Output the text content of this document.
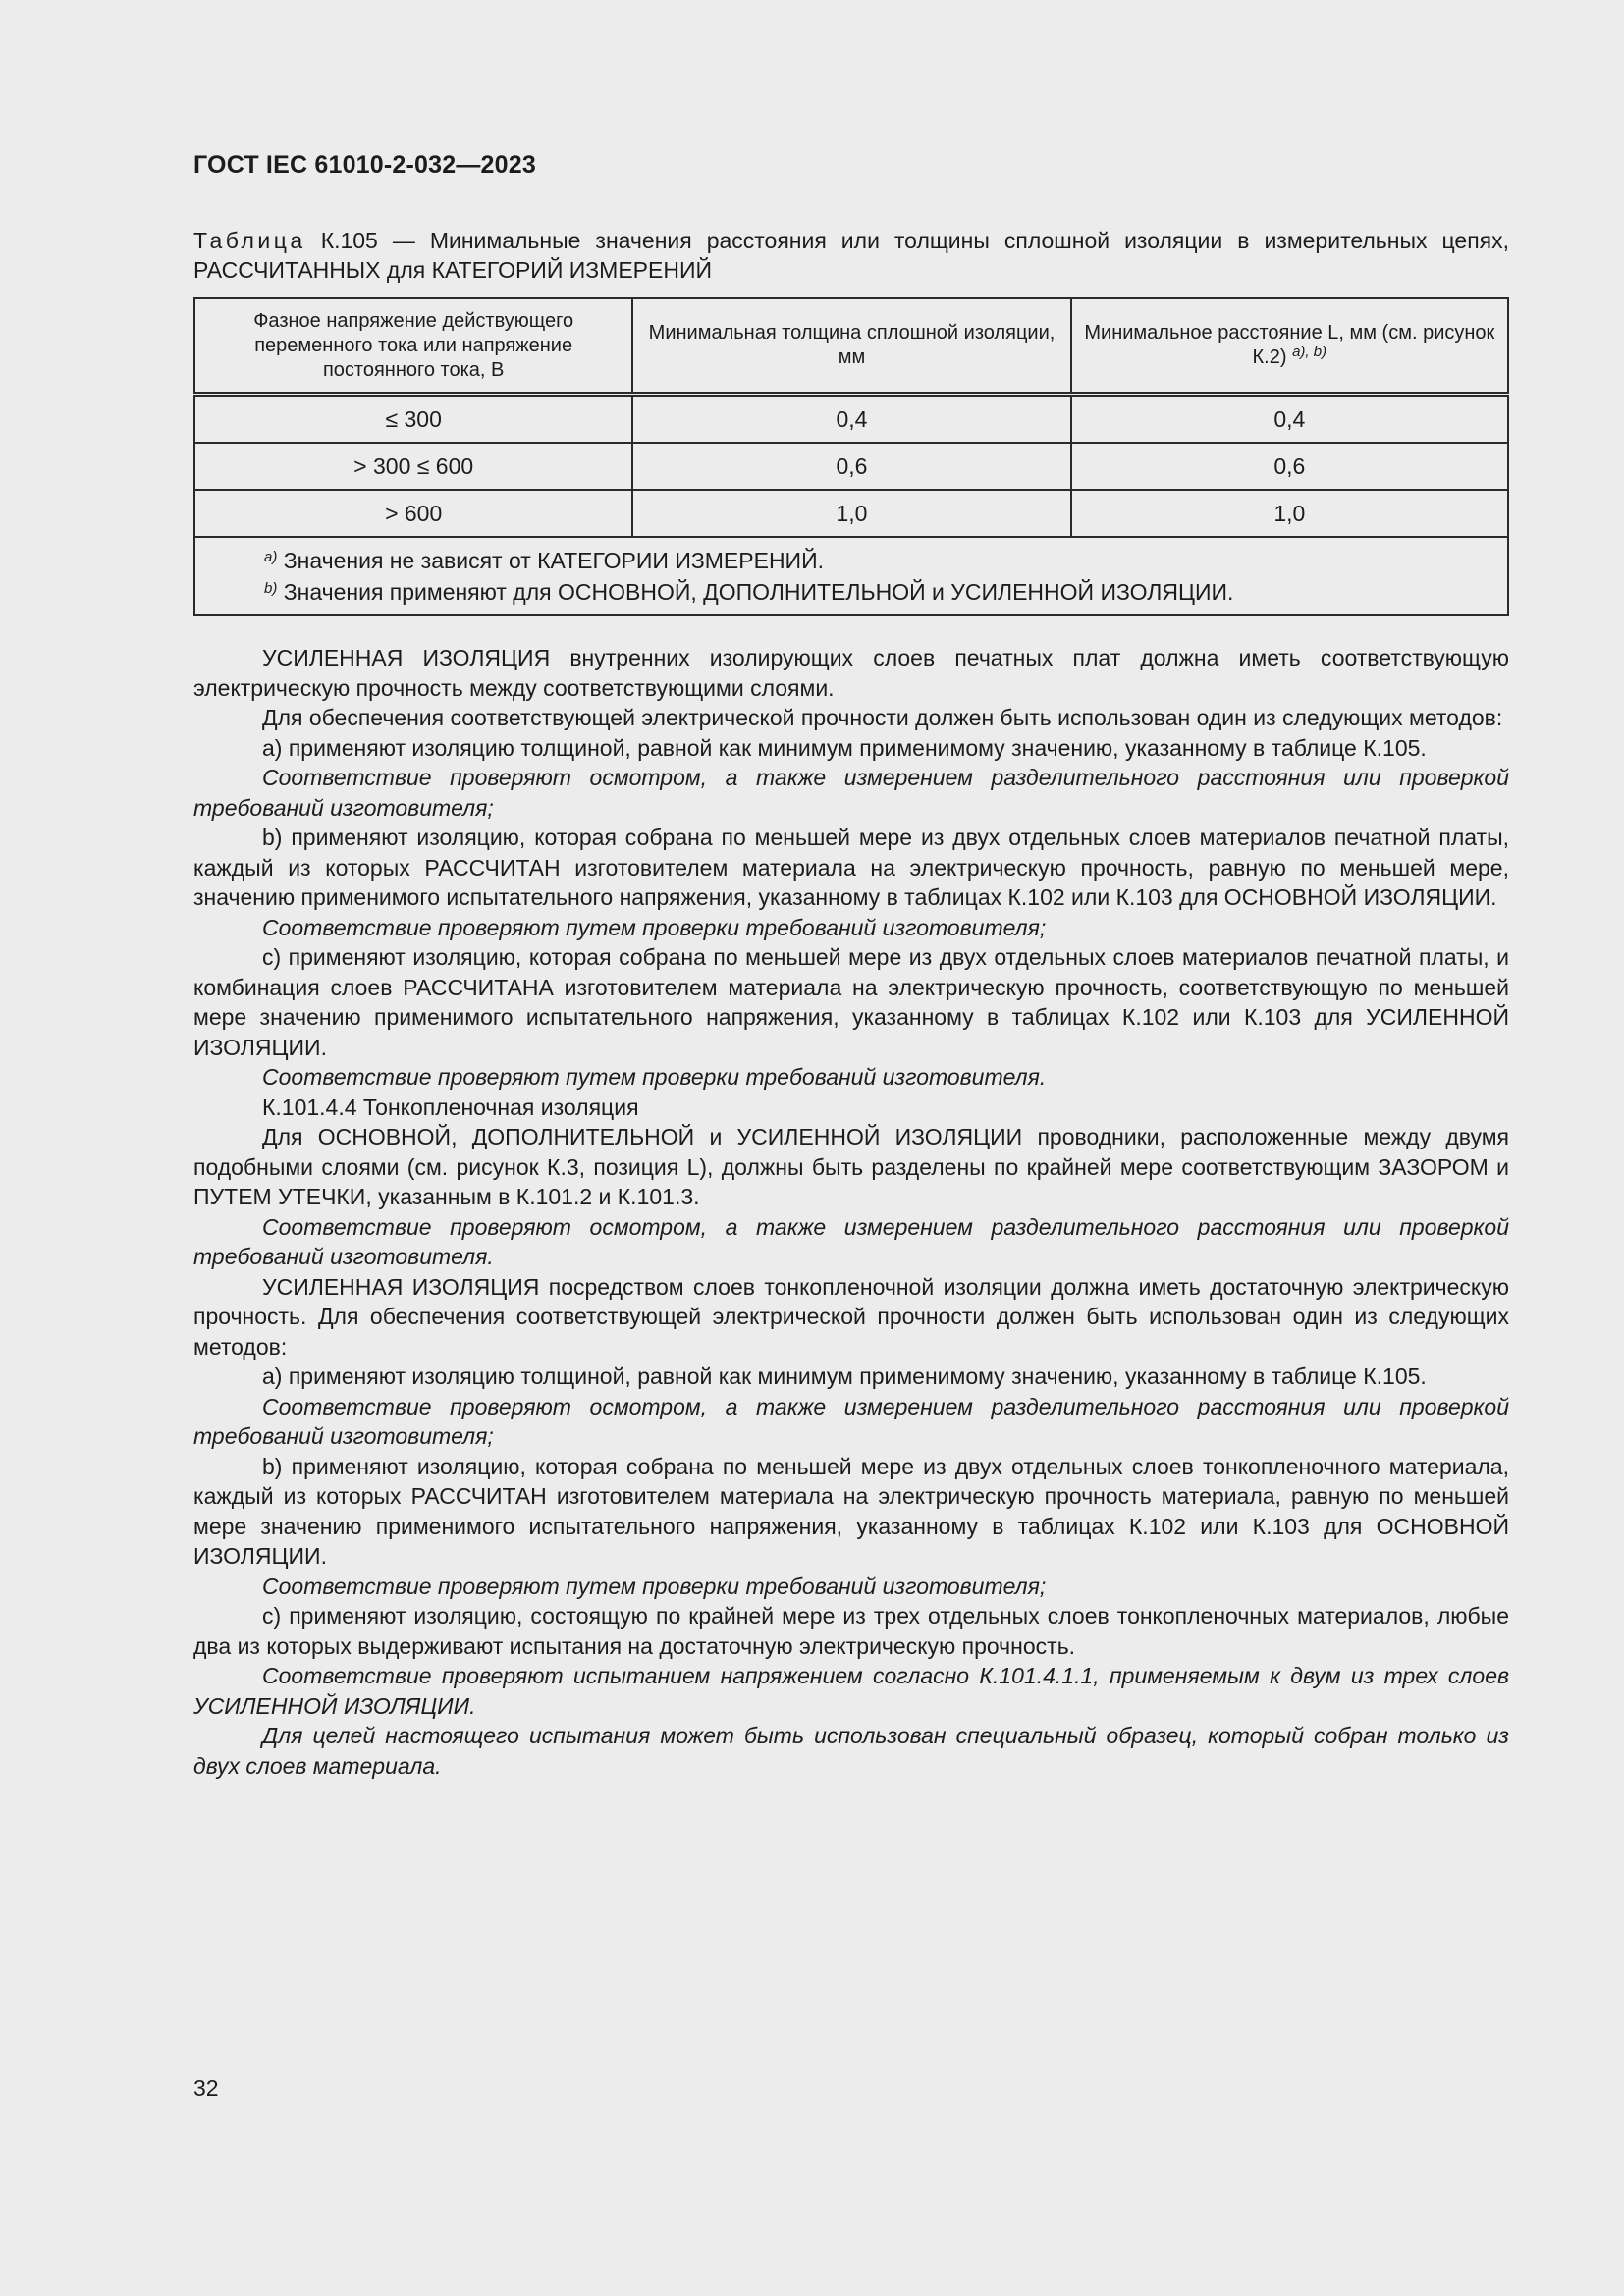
ГОСТ IEC 61010-2-032—2023
Таблица К.105 — Минимальные значения расстояния или толщины сплошной изоляции в измерительных цепях, РАССЧИТАННЫХ для КАТЕГОРИЙ ИЗМЕРЕНИЙ
Фазное напряжение действующего переменного тока или напряжение постоянного тока, В	Минимальная толщина сплошной изоляции, мм	Минимальное расстояние L, мм (см. рисунок К.2) $^{a), b)}$
≤ 300	0,4	0,4
> 300 ≤ 600	0,6	0,6
> 600	1,0	1,0

$^{a)}$ Значения не зависят от КАТЕГОРИИ ИЗМЕРЕНИЙ.
$^{b)}$ Значения применяют для ОСНОВНОЙ, ДОПОЛНИТЕЛЬНОЙ и УСИЛЕННОЙ ИЗОЛЯЦИИ.		

УСИЛЕННАЯ ИЗОЛЯЦИЯ внутренних изолирующих слоев печатных плат должна иметь соответствующую электрическую прочность между соответствующими слоями.

Для обеспечения соответствующей электрической прочности должен быть использован один из следующих методов:

a) применяют изоляцию толщиной, равной как минимум применимому значению, указанному в таблице К.105.

Соответствие проверяют осмотром, а также измерением разделительного расстояния или проверкой требований изготовителя;

b) применяют изоляцию, которая собрана по меньшей мере из двух отдельных слоев материалов печатной платы, каждый из которых РАССЧИТАН изготовителем материала на электрическую прочность, равную по меньшей мере, значению применимого испытательного напряжения, указанному в таблицах К.102 или К.103 для ОСНОВНОЙ ИЗОЛЯЦИИ.

Соответствие проверяют путем проверки требований изготовителя;

c) применяют изоляцию, которая собрана по меньшей мере из двух отдельных слоев материалов печатной платы, и комбинация слоев РАССЧИТАНА изготовителем материала на электрическую прочность, соответствующую по меньшей мере значению применимого испытательного напряжения, указанному в таблицах К.102 или К.103 для УСИЛЕННОЙ ИЗОЛЯЦИИ.

Соответствие проверяют путем проверки требований изготовителя.

К.101.4.4 Тонкопленочная изоляция

Для ОСНОВНОЙ, ДОПОЛНИТЕЛЬНОЙ и УСИЛЕННОЙ ИЗОЛЯЦИИ проводники, расположенные между двумя подобными слоями (см. рисунок К.3, позиция L), должны быть разделены по крайней мере соответствующим ЗАЗОРОМ и ПУТЕМ УТЕЧКИ, указанным в К.101.2 и К.101.3.

Соответствие проверяют осмотром, а также измерением разделительного расстояния или проверкой требований изготовителя.

УСИЛЕННАЯ ИЗОЛЯЦИЯ посредством слоев тонкопленочной изоляции должна иметь достаточную электрическую прочность. Для обеспечения соответствующей электрической прочности должен быть использован один из следующих методов:

a) применяют изоляцию толщиной, равной как минимум применимому значению, указанному в таблице К.105.

Соответствие проверяют осмотром, а также измерением разделительного расстояния или проверкой требований изготовителя;

b) применяют изоляцию, которая собрана по меньшей мере из двух отдельных слоев тонкопленочного материала, каждый из которых РАССЧИТАН изготовителем материала на электрическую прочность материала, равную по меньшей мере значению применимого испытательного напряжения, указанному в таблицах К.102 или К.103 для ОСНОВНОЙ ИЗОЛЯЦИИ.

Соответствие проверяют путем проверки требований изготовителя;

c) применяют изоляцию, состоящую по крайней мере из трех отдельных слоев тонкопленочных материалов, любые два из которых выдерживают испытания на достаточную электрическую прочность.

Соответствие проверяют испытанием напряжением согласно К.101.4.1.1, применяемым к двум из трех слоев УСИЛЕННОЙ ИЗОЛЯЦИИ.

Для целей настоящего испытания может быть использован специальный образец, который собран только из двух слоев материала.

32
